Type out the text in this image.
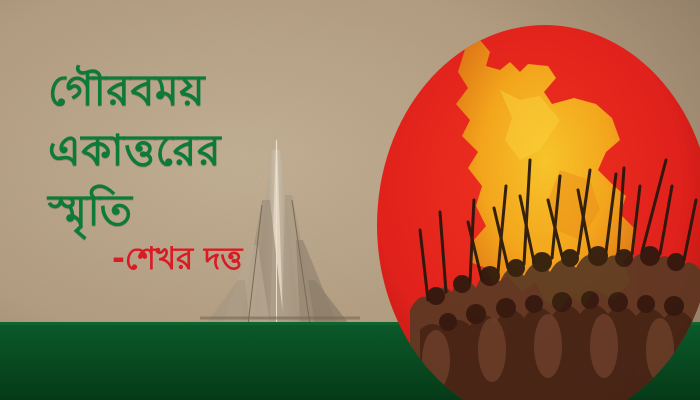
গৌরবময়
একাত্তরের
স্মৃতি

-শেখর দত্ত
